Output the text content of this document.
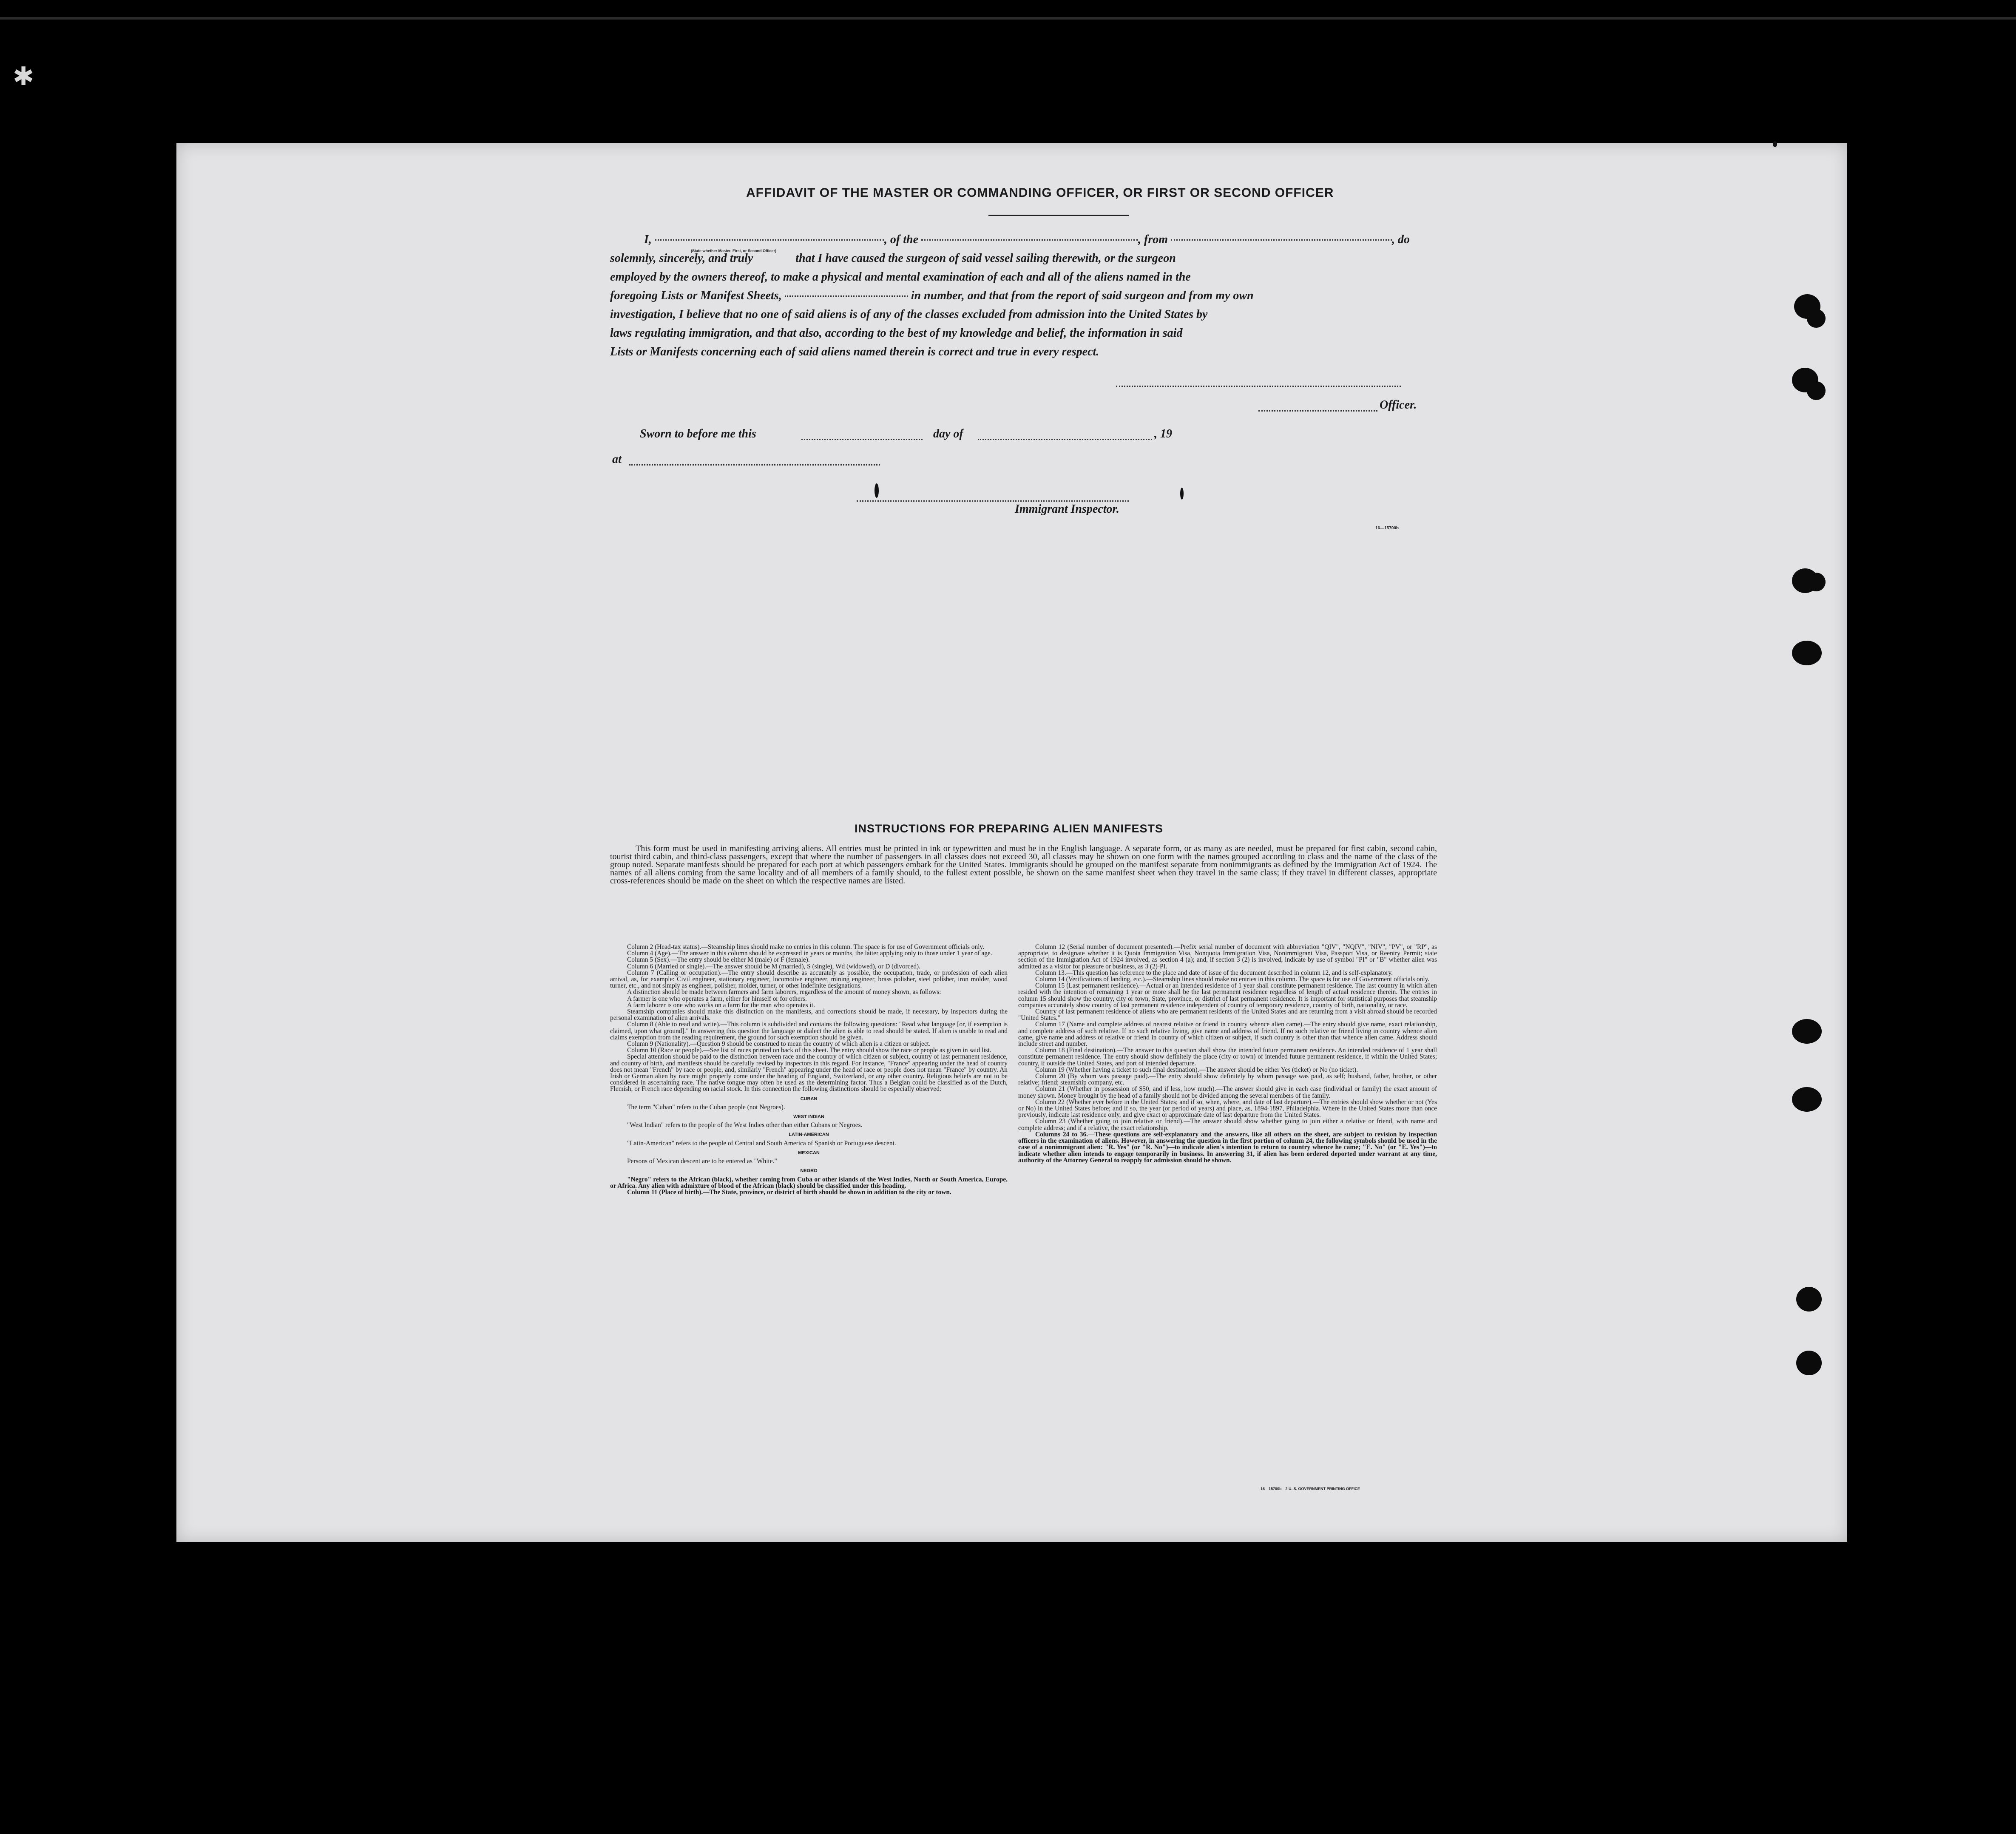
✱
AFFIDAVIT OF THE MASTER OR COMMANDING OFFICER, OR FIRST OR SECOND OFFICER
I,	, of the	, from	, do
(State whether Master, First, or Second Officer)
solemnly, sincerely, and truly	that I have caused the surgeon of said vessel sailing therewith, or the surgeon
employed by the owners thereof, to make a physical and mental examination of each and all of the aliens named in the
foregoing Lists or Manifest Sheets,	in number, and that from the report of said surgeon and from my own
investigation, I believe that no one of said aliens is of any of the classes excluded from admission into the United States by
laws regulating immigration, and that also, according to the best of my knowledge and belief, the information in said
Lists or Manifests concerning each of said aliens named therein is correct and true in every respect.
Officer.
Sworn to before me this	day of	, 19
at
Immigrant Inspector.
16—15700b
INSTRUCTIONS FOR PREPARING ALIEN MANIFESTS
This form must be used in manifesting arriving aliens. All entries must be printed in ink or typewritten and must be in the English language. A separate form, or as many as are needed, must be prepared for first cabin, second cabin, tourist third cabin, and third-class passengers, except that where the number of passengers in all classes does not exceed 30, all classes may be shown on one form with the names grouped according to class and the name of the class of the group noted. Separate manifests should be prepared for each port at which passengers embark for the United States. Immigrants should be grouped on the manifest separate from nonimmigrants as defined by the Immigration Act of 1924. The names of all aliens coming from the same locality and of all members of a family should, to the fullest extent possible, be shown on the same manifest sheet when they travel in the same class; if they travel in different classes, appropriate cross-references should be made on the sheet on which the respective names are listed.

Column 2 (Head-tax status).—Steamship lines should make no entries in this column. The space is for use of Government officials only.

Column 4 (Age).—The answer in this column should be expressed in years or months, the latter applying only to those under 1 year of age.

Column 5 (Sex).—The entry should be either M (male) or F (female).

Column 6 (Married or single).—The answer should be M (married), S (single), Wd (widowed), or D (divorced).

Column 7 (Calling or occupation).—The entry should describe as accurately as possible, the occupation, trade, or profession of each alien arrival, as, for example: Civil engineer, stationary engineer, locomotive engineer, mining engineer, brass polisher, steel polisher, iron molder, wood turner, etc., and not simply as engineer, polisher, molder, turner, or other indefinite designations.

A distinction should be made between farmers and farm laborers, regardless of the amount of money shown, as follows:

A farmer is one who operates a farm, either for himself or for others.

A farm laborer is one who works on a farm for the man who operates it.

Steamship companies should make this distinction on the manifests, and corrections should be made, if necessary, by inspectors during the personal examination of alien arrivals.

Column 8 (Able to read and write).—This column is subdivided and contains the following questions: "Read what language [or, if exemption is claimed, upon what ground]." In answering this question the language or dialect the alien is able to read should be stated. If alien is unable to read and claims exemption from the reading requirement, the ground for such exemption should be given.

Column 9 (Nationality).—Question 9 should be construed to mean the country of which alien is a citizen or subject.

Column 10 (Race or people).—See list of races printed on back of this sheet. The entry should show the race or people as given in said list.

Special attention should be paid to the distinction between race and the country of which citizen or subject, country of last permanent residence, and country of birth, and manifests should be carefully revised by inspectors in this regard. For instance, "France" appearing under the head of country does not mean "French" by race or people, and, similarly "French" appearing under the head of race or people does not mean "France" by country. An Irish or German alien by race might properly come under the heading of England, Switzerland, or any other country. Religious beliefs are not to be considered in ascertaining race. The native tongue may often be used as the determining factor. Thus a Belgian could be classified as of the Dutch, Flemish, or French race depending on racial stock. In this connection the following distinctions should be especially observed:

CUBAN

The term "Cuban" refers to the Cuban people (not Negroes).

WEST INDIAN

"West Indian" refers to the people of the West Indies other than either Cubans or Negroes.

LATIN-AMERICAN

"Latin-American" refers to the people of Central and South America of Spanish or Portuguese descent.

MEXICAN

Persons of Mexican descent are to be entered as "White."

NEGRO

"Negro" refers to the African (black), whether coming from Cuba or other islands of the West Indies, North or South America, Europe, or Africa. Any alien with admixture of blood of the African (black) should be classified under this heading.

Column 11 (Place of birth).—The State, province, or district of birth should be shown in addition to the city or town.

Column 12 (Serial number of document presented).—Prefix serial number of document with abbreviation "QIV", "NQIV", "NIV", "PV", or "RP", as appropriate, to designate whether it is Quota Immigration Visa, Nonquota Immigration Visa, Nonimmigrant Visa, Passport Visa, or Reentry Permit; state section of the Immigration Act of 1924 involved, as section 4 (a); and, if section 3 (2) is involved, indicate by use of symbol "PI" or "B" whether alien was admitted as a visitor for pleasure or business, as 3 (2)-PI.

Column 13.—This question has reference to the place and date of issue of the document described in column 12, and is self-explanatory.

Column 14 (Verifications of landing, etc.).—Steamship lines should make no entries in this column. The space is for use of Government officials only.

Column 15 (Last permanent residence).—Actual or an intended residence of 1 year shall constitute permanent residence. The last country in which alien resided with the intention of remaining 1 year or more shall be the last permanent residence regardless of length of actual residence therein. The entries in column 15 should show the country, city or town, State, province, or district of last permanent residence. It is important for statistical purposes that steamship companies accurately show country of last permanent residence independent of country of temporary residence, country of birth, nationality, or race.

Country of last permanent residence of aliens who are permanent residents of the United States and are returning from a visit abroad should be recorded "United States."

Column 17 (Name and complete address of nearest relative or friend in country whence alien came).—The entry should give name, exact relationship, and complete address of such relative. If no such relative living, give name and address of friend. If no such relative or friend living in country whence alien came, give name and address of relative or friend in country of which citizen or subject, if such country is other than that whence alien came. Address should include street and number.

Column 18 (Final destination).—The answer to this question shall show the intended future permanent residence. An intended residence of 1 year shall constitute permanent residence. The entry should show definitely the place (city or town) of intended future permanent residence, if within the United States; country, if outside the United States, and port of intended departure.

Column 19 (Whether having a ticket to such final destination).—The answer should be either Yes (ticket) or No (no ticket).

Column 20 (By whom was passage paid).—The entry should show definitely by whom passage was paid, as self; husband, father, brother, or other relative; friend; steamship company, etc.

Column 21 (Whether in possession of $50, and if less, how much).—The answer should give in each case (individual or family) the exact amount of money shown. Money brought by the head of a family should not be divided among the several members of the family.

Column 22 (Whether ever before in the United States; and if so, when, where, and date of last departure).—The entries should show whether or not (Yes or No) in the United States before; and if so, the year (or period of years) and place, as, 1894-1897, Philadelphia. Where in the United States more than once previously, indicate last residence only, and give exact or approximate date of last departure from the United States.

Column 23 (Whether going to join relative or friend).—The answer should show whether going to join either a relative or friend, with name and complete address; and if a relative, the exact relationship.

Columns 24 to 36.—These questions are self-explanatory and the answers, like all others on the sheet, are subject to revision by inspection officers in the examination of aliens. However, in answering the question in the first portion of column 24, the following symbols should be used in the case of a nonimmigrant alien: "R. Yes" (or "R. No")—to indicate alien's intention to return to country whence he came; "E. No" (or "E. Yes")—to indicate whether alien intends to engage temporarily in business. In answering 31, if alien has been ordered deported under warrant at any time, authority of the Attorney General to reapply for admission should be shown.

16—15700b—2 U. S. GOVERNMENT PRINTING OFFICE
